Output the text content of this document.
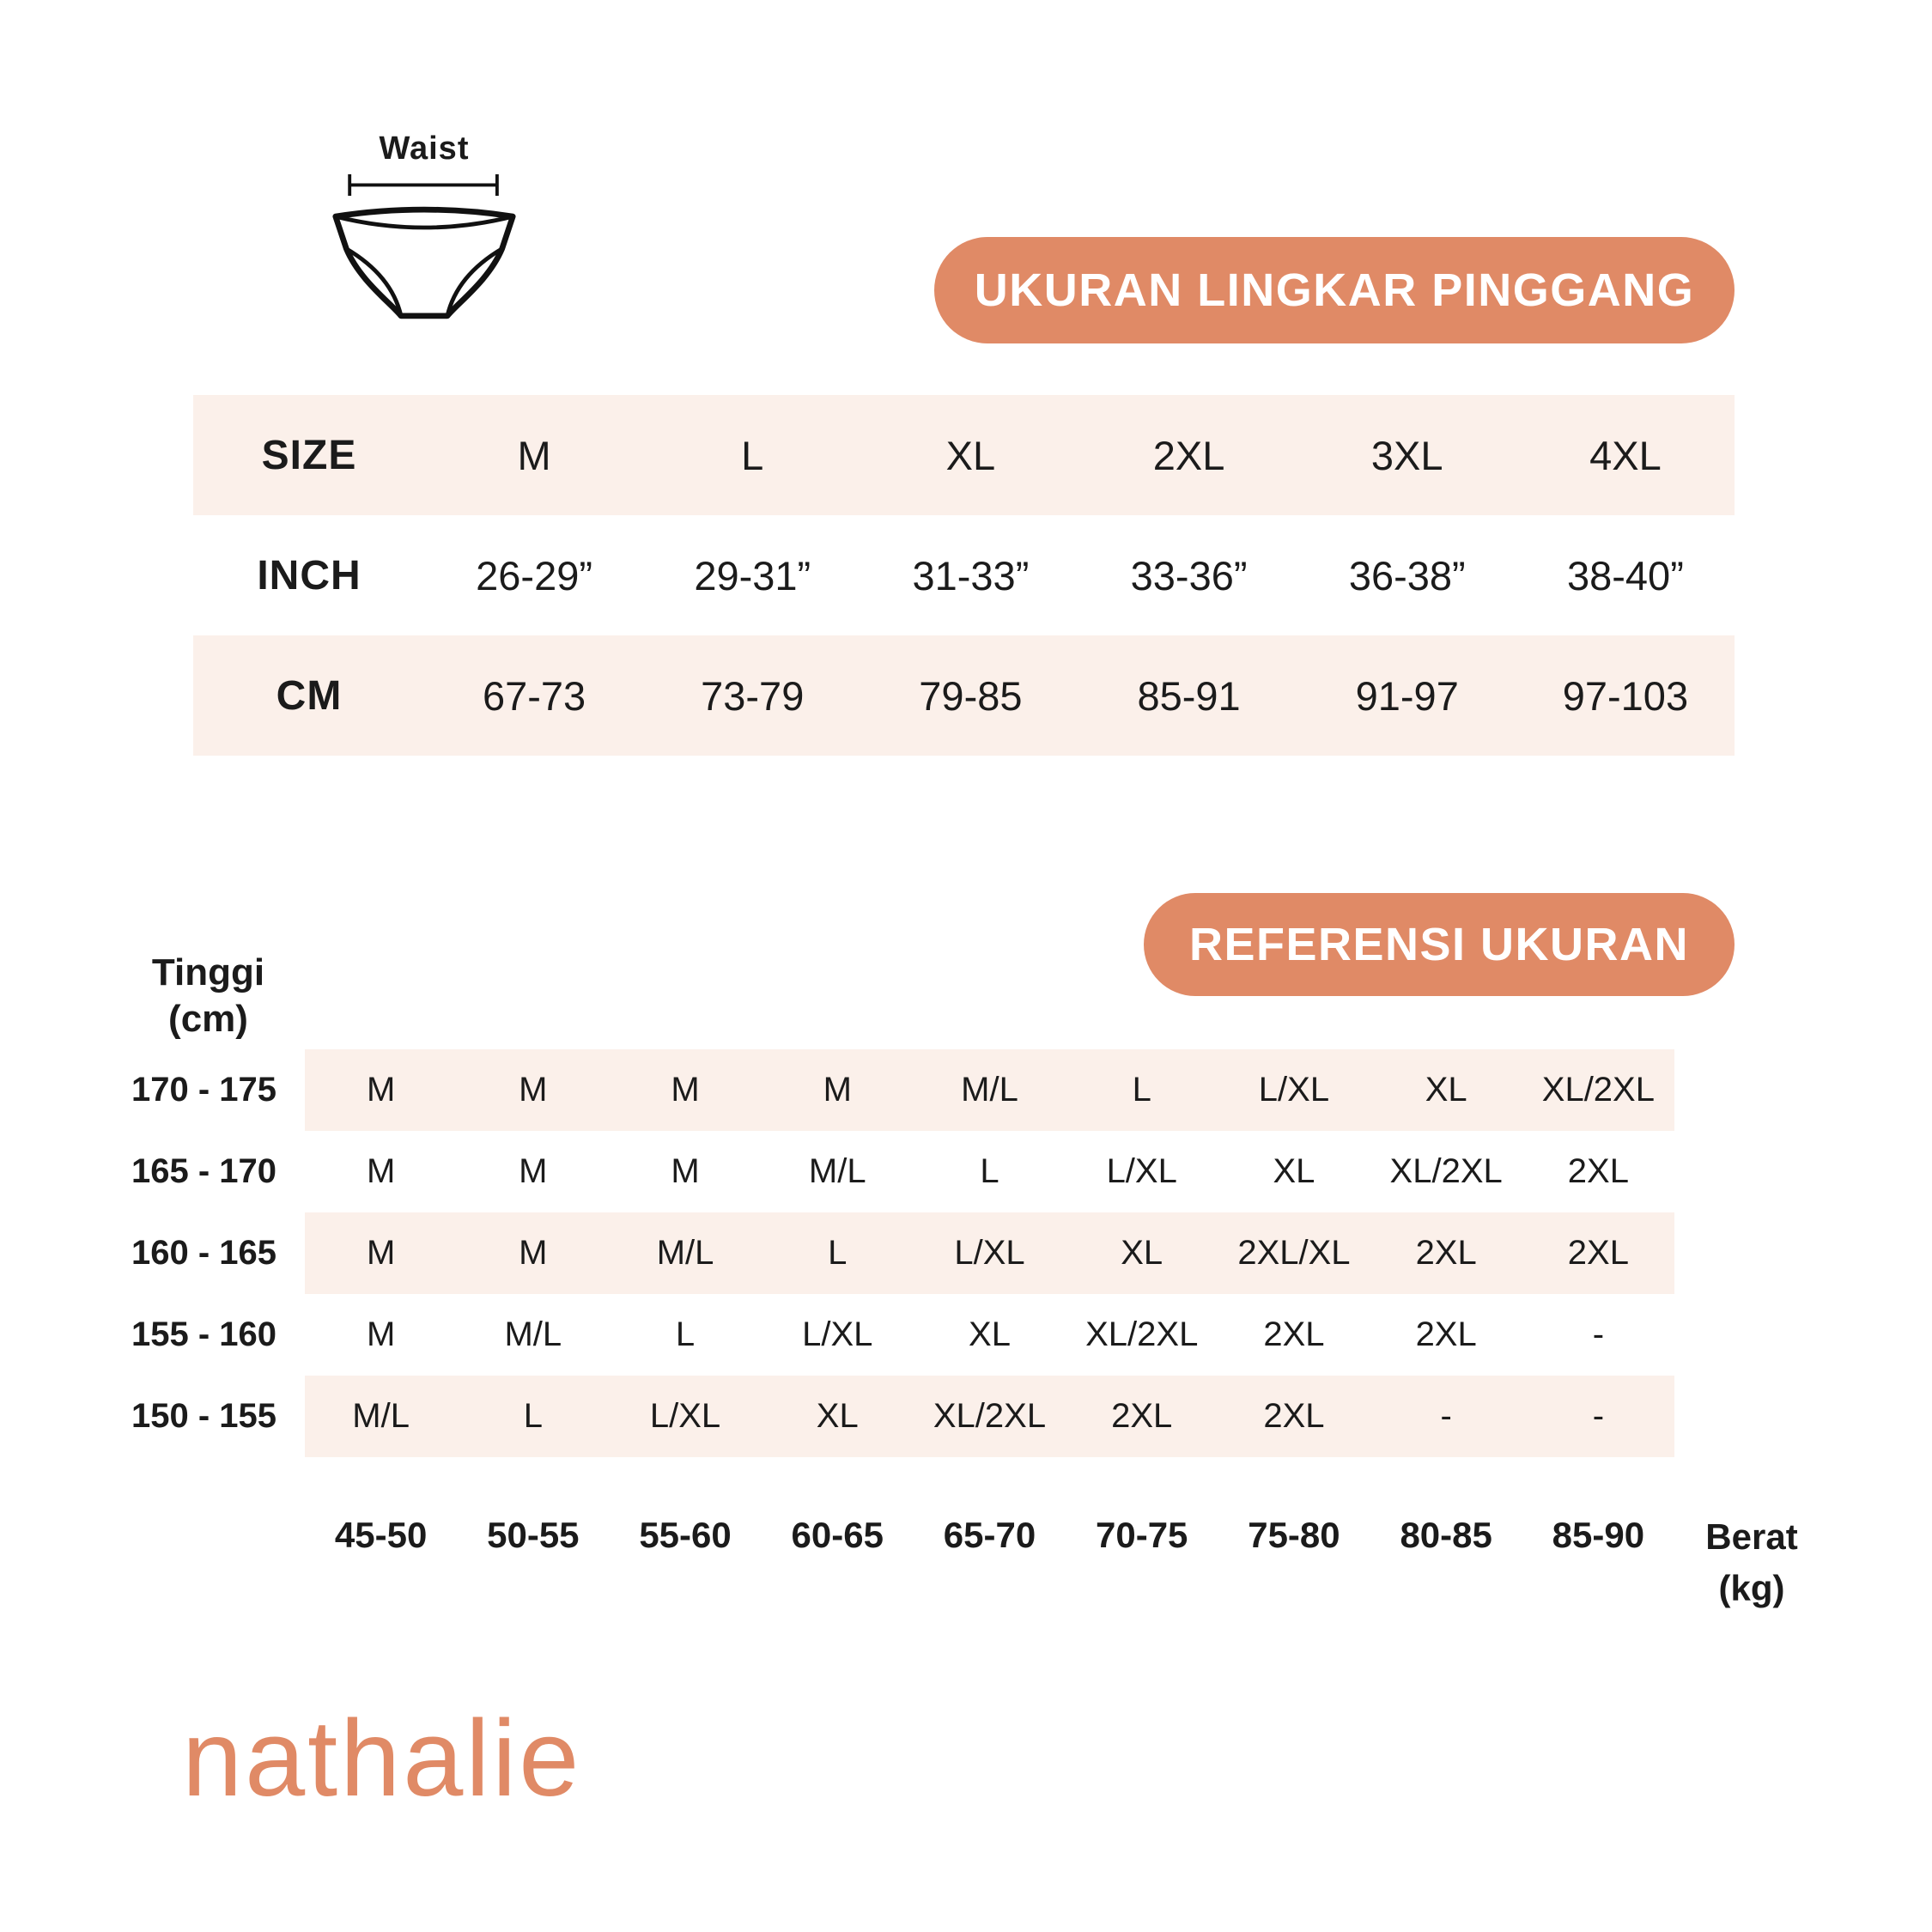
Waist
UKURAN LINGKAR PINGGANG
SIZE	M	L	XL	2XL	3XL	4XL
INCH	26-29”	29-31”	31-33”	33-36”	36-38”	38-40”
CM	67-73	73-79	79-85	85-91	91-97	97-103
REFERENSI UKURAN
Tinggi
(cm)
170 - 175	M	M	M	M	M/L	L	L/XL	XL	XL/2XL
165 - 170	M	M	M	M/L	L	L/XL	XL	XL/2XL	2XL
160 - 165	M	M	M/L	L	L/XL	XL	2XL/XL	2XL	2XL
155 - 160	M	M/L	L	L/XL	XL	XL/2XL	2XL	2XL	-
150 - 155	M/L	L	L/XL	XL	XL/2XL	2XL	2XL	-	-
45-50	50-55	55-60	60-65	65-70	70-75	75-80	80-85	85-90	Berat
(kg)
nathalie
